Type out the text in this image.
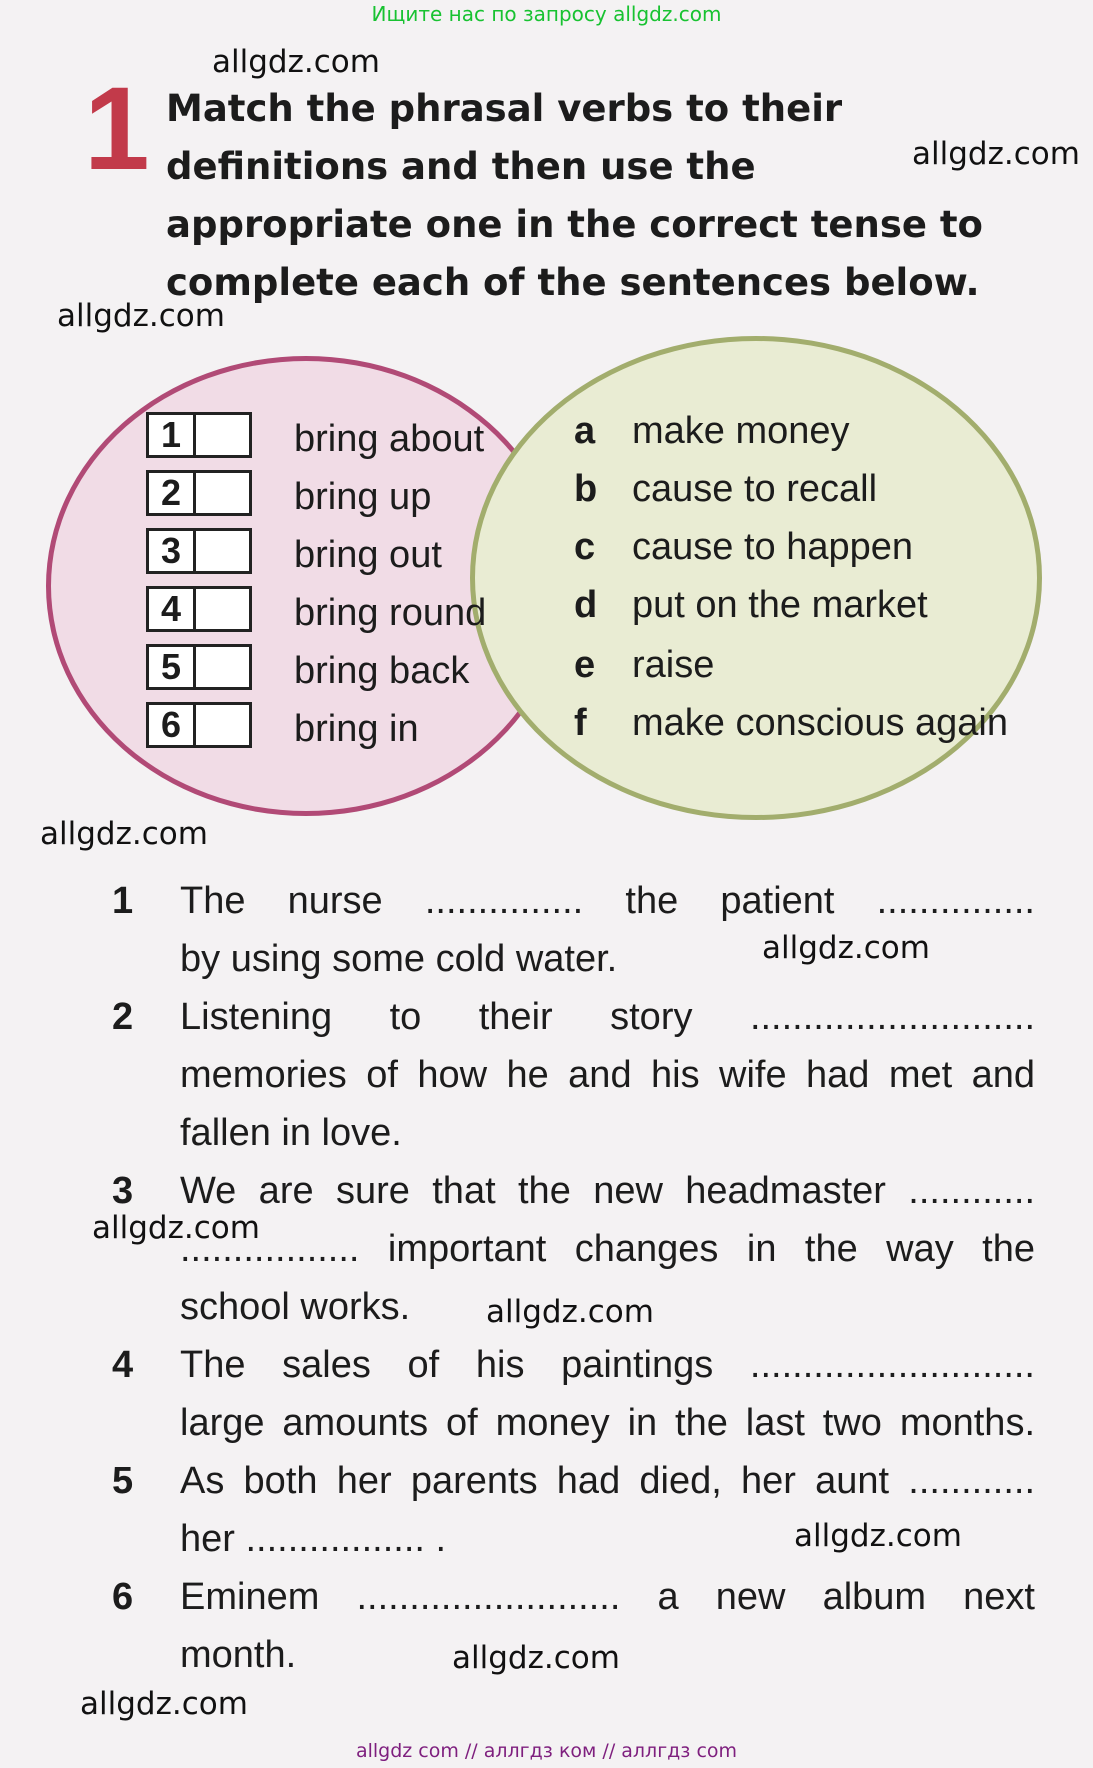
Ищите нас по запросу allgdz.com
allgdz.com
allgdz.com
allgdz.com
allgdz.com
allgdz.com
allgdz.com
allgdz.com
allgdz.com
allgdz.com
allgdz.com
1 Match the phrasal verbs to their definitions and then use the appropriate one in the correct tense to complete each of the sentences below.
1	bring about
2	bring up
3	bring out
4	bring round
5	bring back
6	bring in
a make money
b cause to recall
c cause to happen
d put on the market
e raise
f make conscious again
1 The nurse ............... the patient ...............
by using some cold water.
2 Listening to their story ...........................
memories of how he and his wife had met and
fallen in love.
3 We are sure that the new headmaster ............
................. important changes in the way the
school works.
4 The sales of his paintings ...........................
large amounts of money in the last two months.
5 As both her parents had died, her aunt ............
her ................. .
6 Eminem ......................... a new album next
month.
allgdz com // аллгдз ком // аллгдз com
